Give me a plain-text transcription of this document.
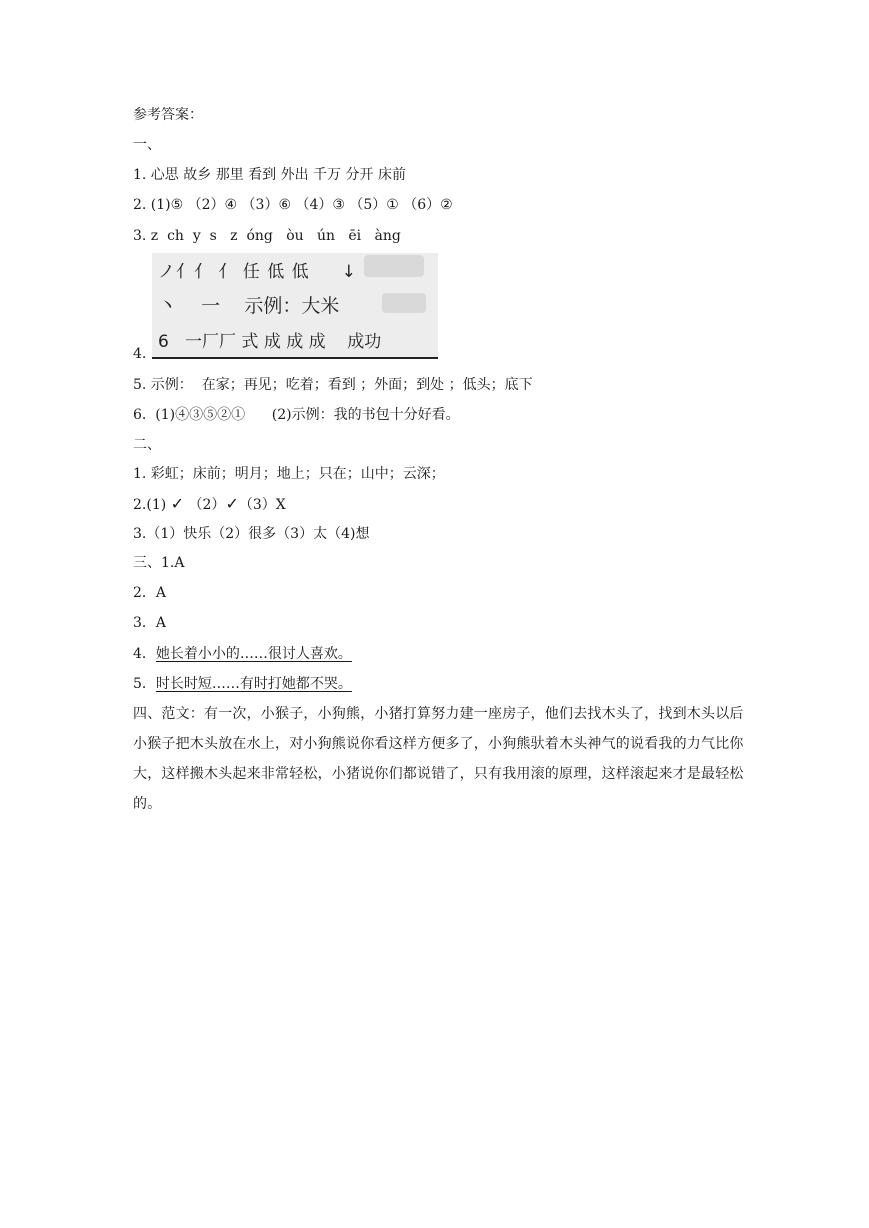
参考答案：
一、
1. 心思 故乡 那里 看到 外出 千万 分开 床前
2. (1)⑤ （2）④ （3）⑥ （4）③ （5）① （6）②
3. z  ch  y  s   z  óng   òu   ún   ēi   àng
ノ亻亻 亻 任 低 低     ↓
丶    一    示例：大米
6   一厂厂 式 成 成 成    成功
4.
5. 示例：  在家；再见；吃着；看到 ；外面；到处 ；低头；底下
6.  (1)④③⑤②①      (2)示例：我的书包十分好看。
二、
1. 彩虹；床前；明月；地上；只在；山中；云深；
2.(1) ✓ （2）✓（3）X
3.（1）快乐（2）很多（3）太（4)想
三、1.A
2．A
3．A
4．她长着小小的……很讨人喜欢。
5．时长时短……有时打她都不哭。
四、范文：有一次，小猴子，小狗熊，小猪打算努力建一座房子，他们去找木头了，找到木头以后小猴子把木头放在水上，对小狗熊说你看这样方便多了，小狗熊驮着木头神气的说看我的力气比你大，这样搬木头起来非常轻松，小猪说你们都说错了，只有我用滚的原理，这样滚起来才是最轻松的。
